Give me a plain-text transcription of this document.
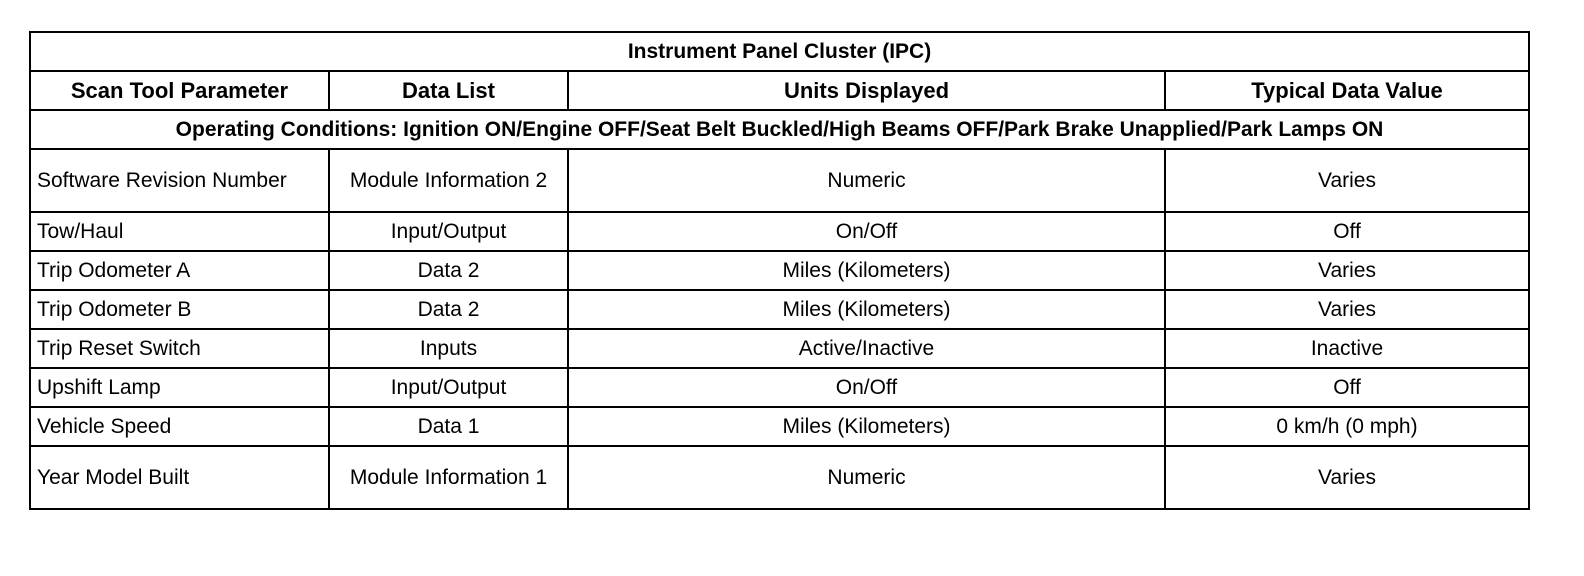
Instrument Panel Cluster (IPC)			
Scan Tool Parameter	Data List	Units Displayed	Typical Data Value
Operating Conditions: Ignition ON/Engine OFF/Seat Belt Buckled/High Beams OFF/Park Brake Unapplied/Park Lamps ON			
Software Revision Number	Module Information 2	Numeric	Varies
Tow/Haul	Input/Output	On/Off	Off
Trip Odometer A	Data 2	Miles (Kilometers)	Varies
Trip Odometer B	Data 2	Miles (Kilometers)	Varies
Trip Reset Switch	Inputs	Active/Inactive	Inactive
Upshift Lamp	Input/Output	On/Off	Off
Vehicle Speed	Data 1	Miles (Kilometers)	0 km/h (0 mph)
Year Model Built	Module Information 1	Numeric	Varies
